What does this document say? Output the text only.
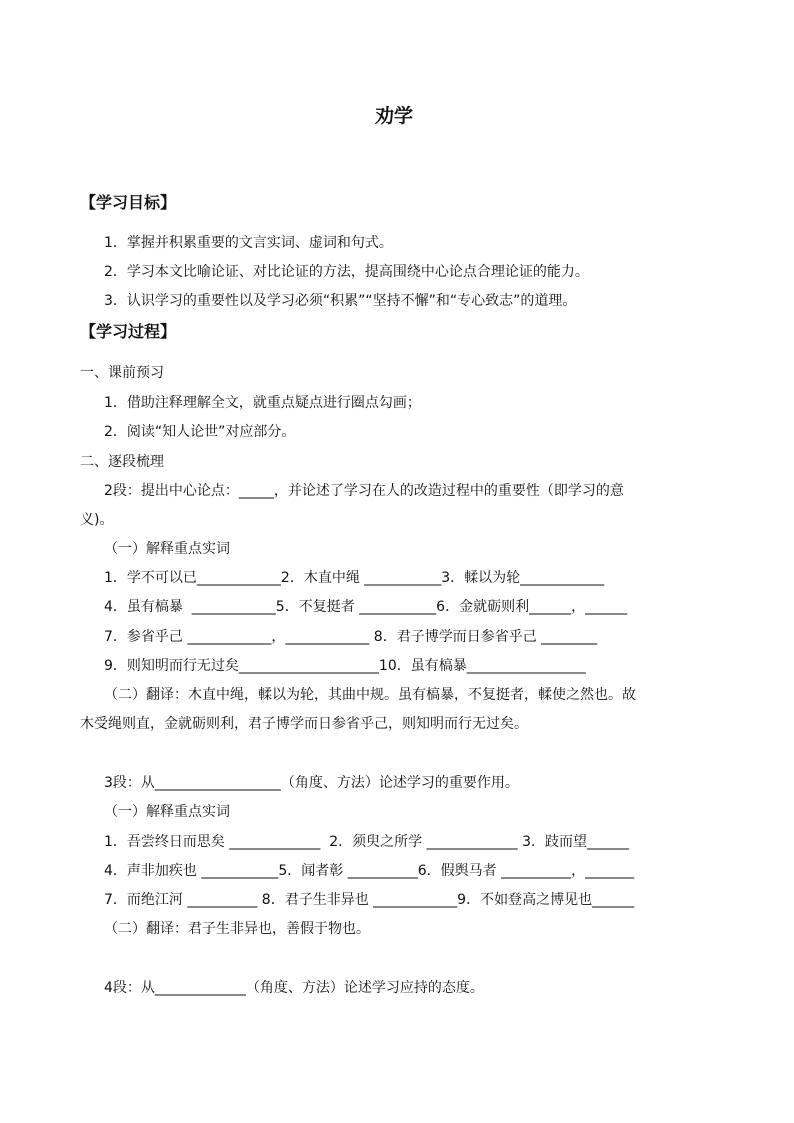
劝学
【学习目标】
1．掌握并积累重要的文言实词、虚词和句式。
2．学习本文比喻论证、对比论证的方法，提高围绕中心论点合理论证的能力。
3．认识学习的重要性以及学习必须“积累”“坚持不懈”和“专心致志”的道理。
【学习过程】
一、课前预习
1．借助注释理解全文，就重点疑点进行圈点勾画；
2．阅读“知人论世”对应部分。
二、逐段梳理
2段：提出中心论点：_____，并论述了学习在人的改造过程中的重要性（即学习的意
义)。
（一）解释重点实词
1．学不可以已____________2．木直中绳 ___________3．輮以为轮____________
4．虽有槁暴  ____________5．不复挺者 ___________6．金就砺则利______，______
7．参省乎己 ____________，____________ 8．君子博学而日参省乎己 ________
9．则知明而行无过矣____________________10．虽有槁暴_________________
（二）翻译：木直中绳，輮以为轮，其曲中规。虽有槁暴，不复挺者，輮使之然也。故
木受绳则直，金就砺则利，君子博学而日参省乎己，则知明而行无过矣。
3段：从__________________（角度、方法）论述学习的重要作用。
（一）解释重点实词
1．吾尝终日而思矣 _____________  2．须臾之所学 _____________ 3．跂而望______
4．声非加疾也 ___________5．闻者彰 __________6．假舆马者 __________，_______
7．而绝江河 __________ 8．君子生非异也 ____________9．不如登高之博见也______
（二）翻译：君子生非异也，善假于物也。
4段：从_____________（角度、方法）论述学习应持的态度。
